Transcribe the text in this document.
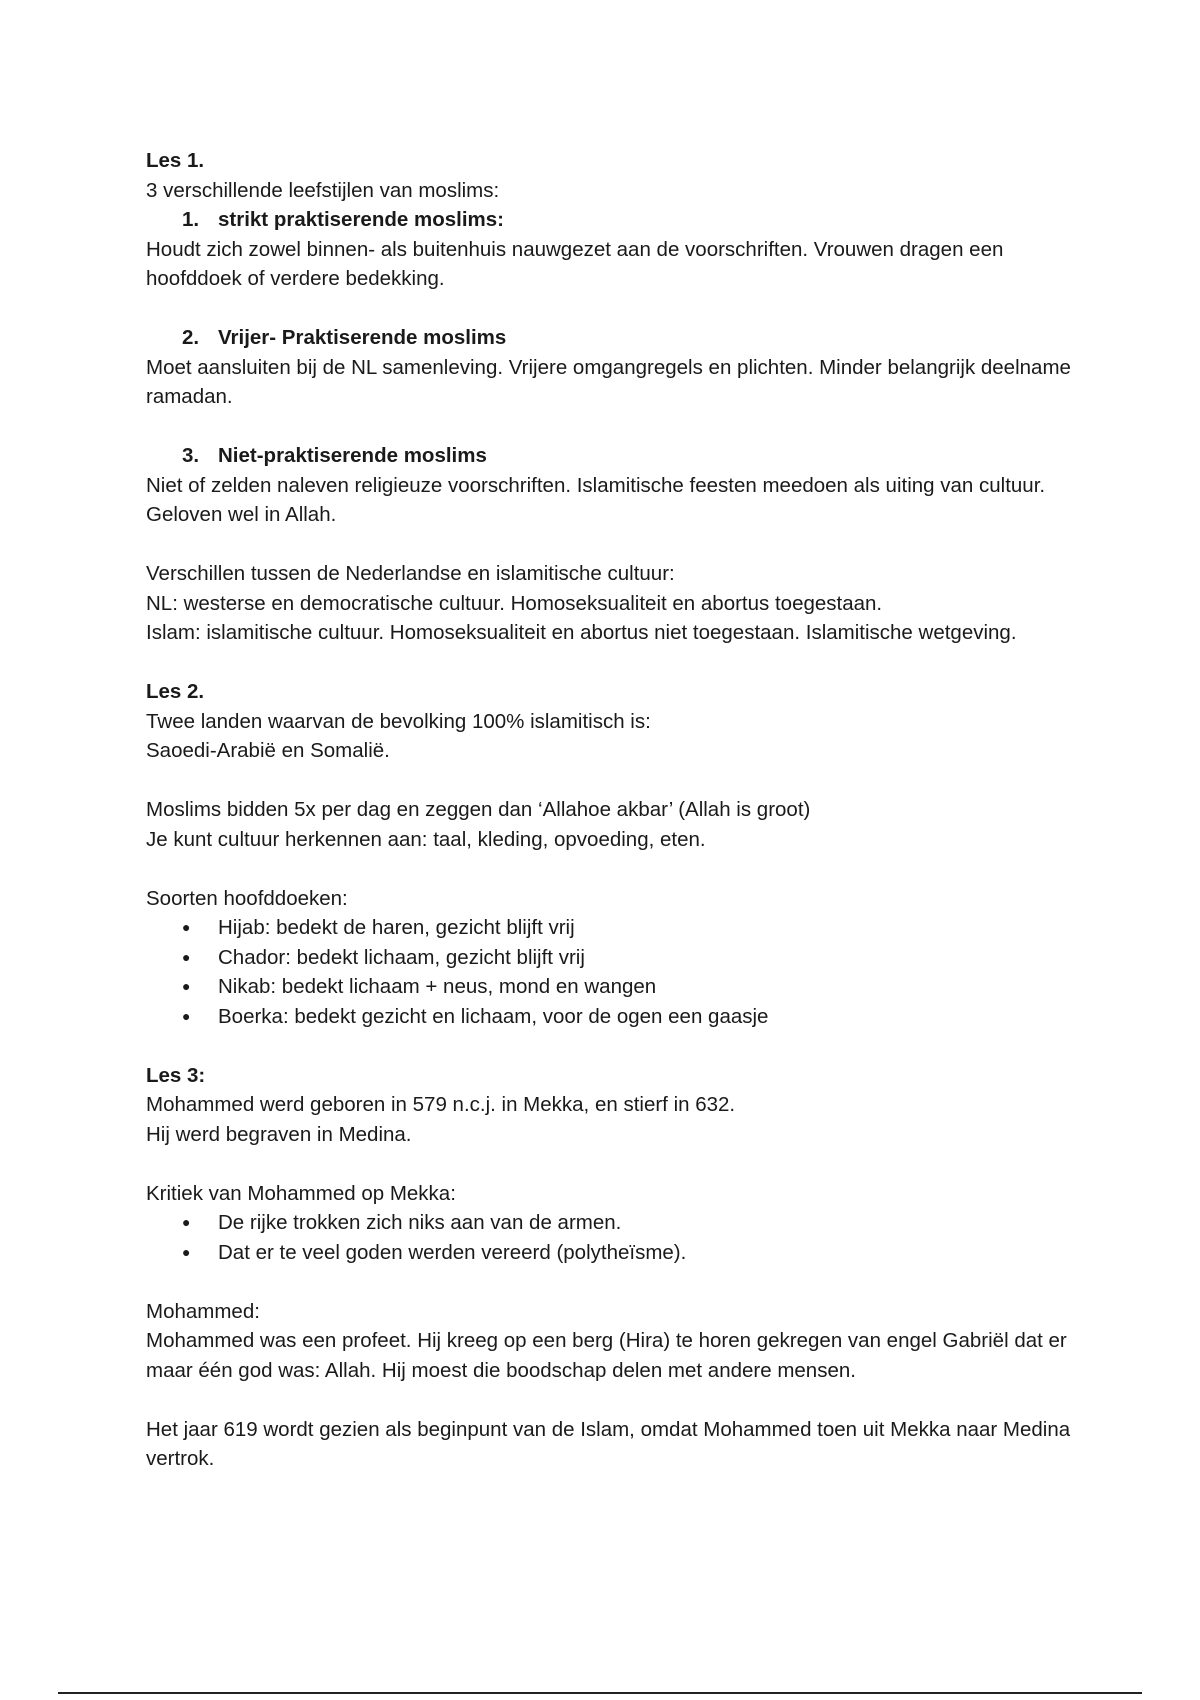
Les 1.

3 verschillende leefstijlen van moslims:

1. strikt praktiserende moslims:

Houdt zich zowel binnen- als buitenhuis nauwgezet aan de voorschriften. Vrouwen dragen een hoofddoek of verdere bedekking.

2. Vrijer- Praktiserende moslims

Moet aansluiten bij de NL samenleving. Vrijere omgangregels en plichten. Minder belangrijk deelname ramadan.

3. Niet-praktiserende moslims

Niet of zelden naleven religieuze voorschriften. Islamitische feesten meedoen als uiting van cultuur. Geloven wel in Allah.

Verschillen tussen de Nederlandse en islamitische cultuur:

NL: westerse en democratische cultuur. Homoseksualiteit en abortus toegestaan.

Islam: islamitische cultuur. Homoseksualiteit en abortus niet toegestaan. Islamitische wetgeving.

Les 2.

Twee landen waarvan de bevolking 100% islamitisch is:

Saoedi-Arabië en Somalië.

Moslims bidden 5x per dag en zeggen dan ‘Allahoe akbar’ (Allah is groot)

Je kunt cultuur herkennen aan: taal, kleding, opvoeding, eten.

Soorten hoofddoeken:

● Hijab: bedekt de haren, gezicht blijft vrij
● Chador: bedekt lichaam, gezicht blijft vrij
● Nikab: bedekt lichaam + neus, mond en wangen
● Boerka: bedekt gezicht en lichaam, voor de ogen een gaasje

Les 3:

Mohammed werd geboren in 579 n.c.j. in Mekka, en stierf in 632.

Hij werd begraven in Medina.

Kritiek van Mohammed op Mekka:

● De rijke trokken zich niks aan van de armen.
● Dat er te veel goden werden vereerd (polytheïsme).

Mohammed:

Mohammed was een profeet. Hij kreeg op een berg (Hira) te horen gekregen van engel Gabriël dat er maar één god was: Allah. Hij moest die boodschap delen met andere mensen.

Het jaar 619 wordt gezien als beginpunt van de Islam, omdat Mohammed toen uit Mekka naar Medina vertrok.
